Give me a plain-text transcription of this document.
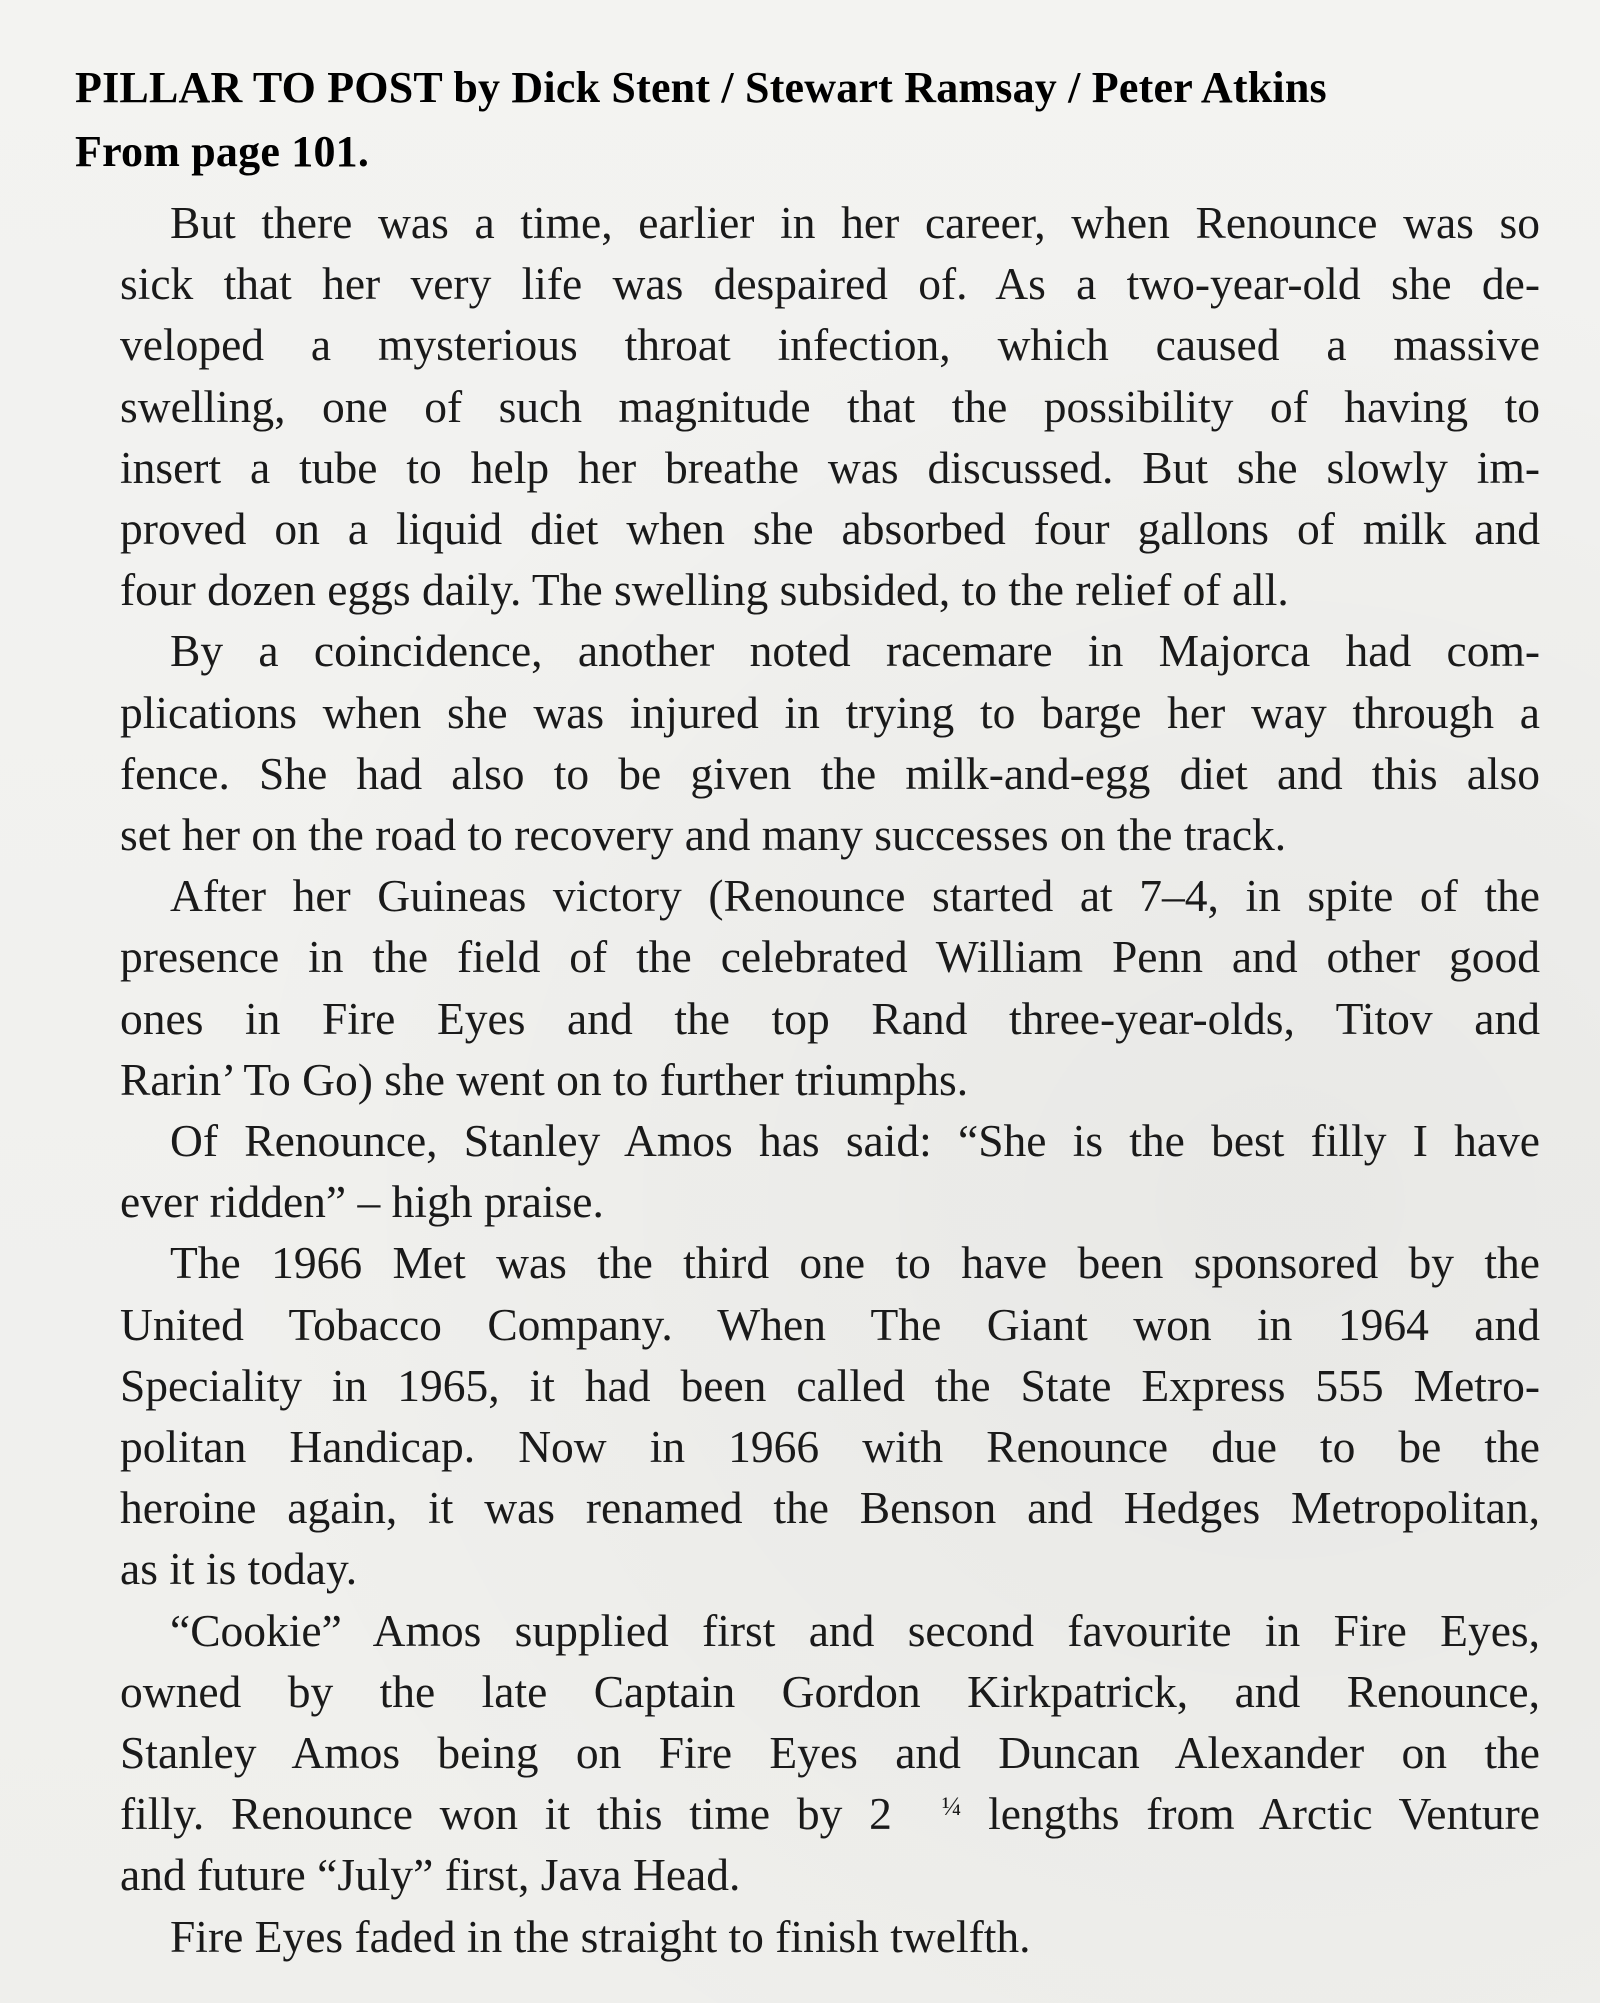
PILLAR TO POST by Dick Stent / Stewart Ramsay / Peter Atkins
From page 101.
But there was a time, earlier in her career, when Renounce was so
sick that her very life was despaired of. As a two-year-old she de-
veloped a mysterious throat infection, which caused a massive
swelling, one of such magnitude that the possibility of having to
insert a tube to help her breathe was discussed. But she slowly im-
proved on a liquid diet when she absorbed four gallons of milk and
four dozen eggs daily. The swelling subsided, to the relief of all.
By a coincidence, another noted racemare in Majorca had com-
plications when she was injured in trying to barge her way through a
fence. She had also to be given the milk-and-egg diet and this also
set her on the road to recovery and many successes on the track.
After her Guineas victory (Renounce started at 7–4, in spite of the
presence in the field of the celebrated William Penn and other good
ones in Fire Eyes and the top Rand three-year-olds, Titov and
Rarin’ To Go) she went on to further triumphs.
Of Renounce, Stanley Amos has said: “She is the best filly I have
ever ridden” – high praise.
The 1966 Met was the third one to have been sponsored by the
United Tobacco Company. When The Giant won in 1964 and
Speciality in 1965, it had been called the State Express 555 Metro-
politan Handicap. Now in 1966 with Renounce due to be the
heroine again, it was renamed the Benson and Hedges Metropolitan,
as it is today.
“Cookie” Amos supplied first and second favourite in Fire Eyes,
owned by the late Captain Gordon Kirkpatrick, and Renounce,
Stanley Amos being on Fire Eyes and Duncan Alexander on the
filly. Renounce won it this time by 2 ¼ lengths from Arctic Venture
and future “July” first, Java Head.
Fire Eyes faded in the straight to finish twelfth.
